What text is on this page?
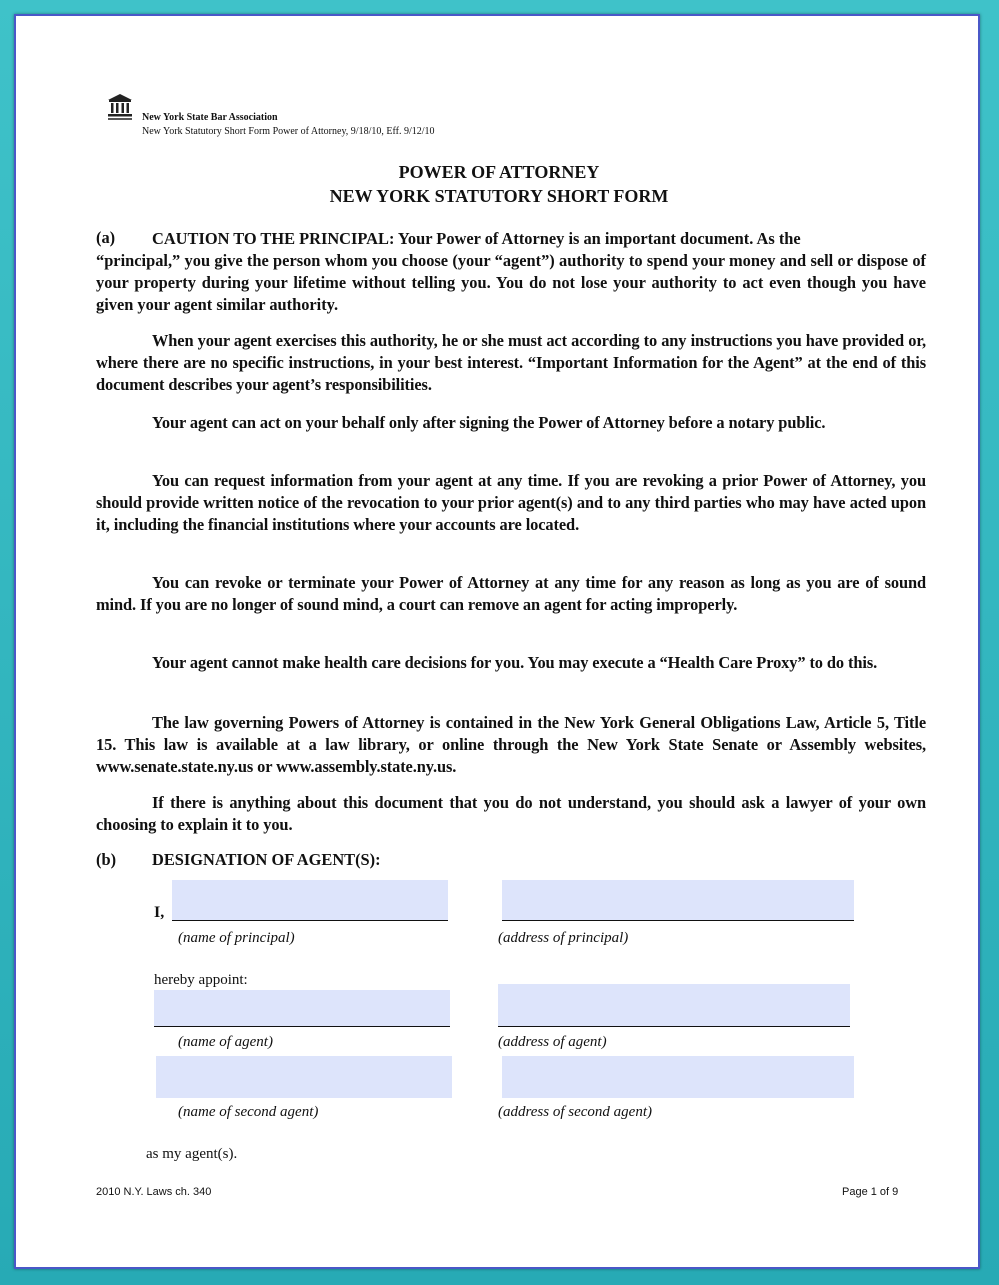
New York State Bar Association
New York Statutory Short Form Power of Attorney, 9/18/10, Eff. 9/12/10
POWER OF ATTORNEY
NEW YORK STATUTORY SHORT FORM
(a) CAUTION TO THE PRINCIPAL: Your Power of Attorney is an important document. As the
“principal,” you give the person whom you choose (your “agent”) authority to spend your money and sell or dispose of your property during your lifetime without telling you. You do not lose your authority to act even though you have given your agent similar authority.
When your agent exercises this authority, he or she must act according to any instructions you have provided or, where there are no specific instructions, in your best interest. “Important Information for the Agent” at the end of this document describes your agent’s responsibilities.
Your agent can act on your behalf only after signing the Power of Attorney before a notary public.
You can request information from your agent at any time. If you are revoking a prior Power of Attorney, you should provide written notice of the revocation to your prior agent(s) and to any third parties who may have acted upon it, including the financial institutions where your accounts are located.
You can revoke or terminate your Power of Attorney at any time for any reason as long as you are of sound mind. If you are no longer of sound mind, a court can remove an agent for acting improperly.
Your agent cannot make health care decisions for you. You may execute a “Health Care Proxy” to do this.
The law governing Powers of Attorney is contained in the New York General Obligations Law, Article 5, Title 15. This law is available at a law library, or online through the New York State Senate or Assembly websites, www.senate.state.ny.us or www.assembly.state.ny.us.
If there is anything about this document that you do not understand, you should ask a lawyer of your own choosing to explain it to you.
(b) DESIGNATION OF AGENT(S):
I,
(name of principal)	(address of principal)
hereby appoint:
(name of agent)	(address of agent)
(name of second agent)	(address of second agent)
as my agent(s).
2010 N.Y. Laws ch. 340	Page 1 of 9
